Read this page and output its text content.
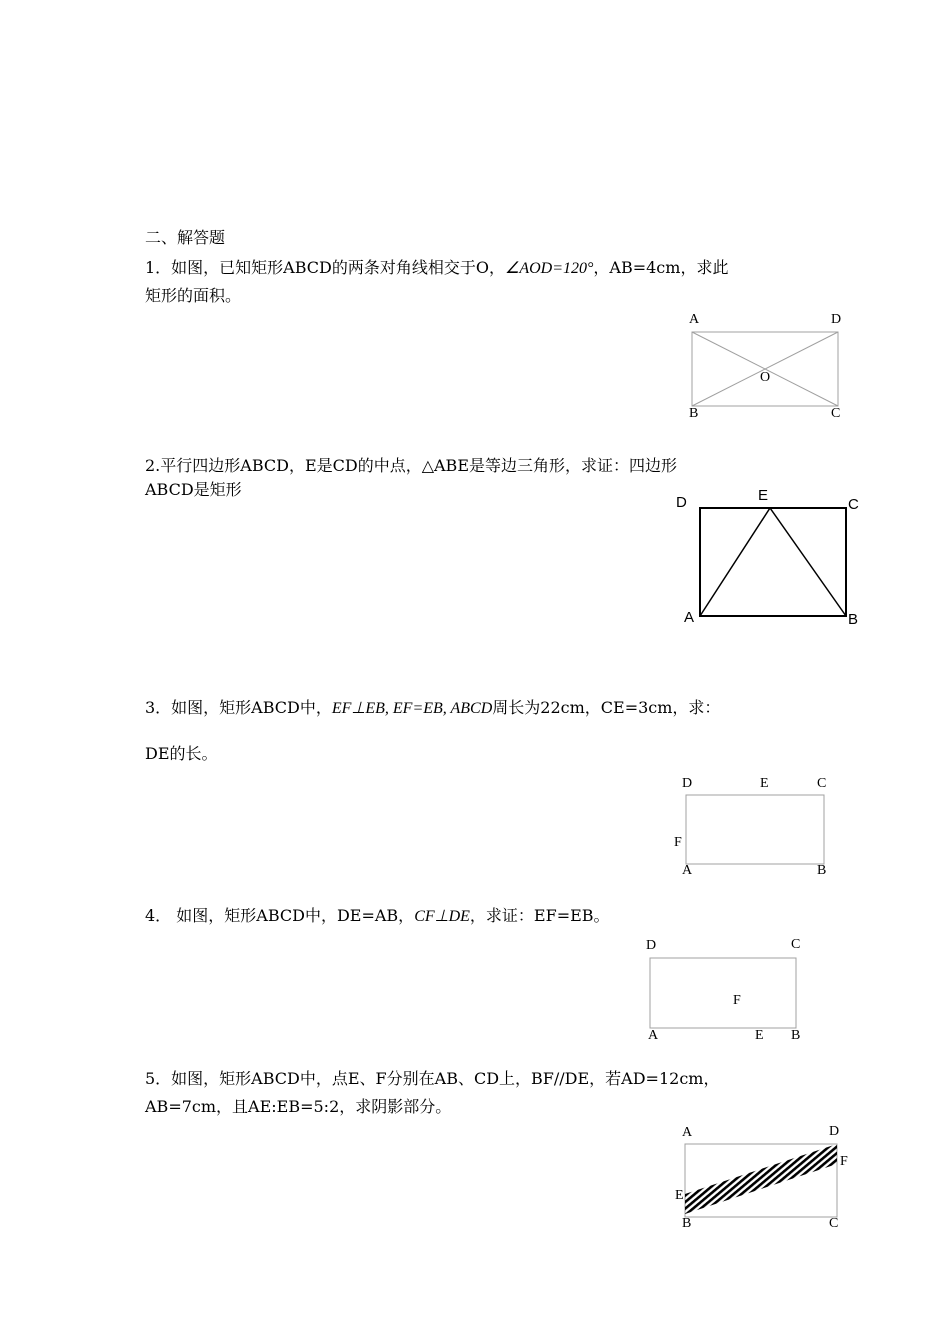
二、解答题
1．如图，已知矩形ABCD的两条对角线相交于O，∠AOD=120°，AB=4cm，求此
矩形的面积。
A	D
O
B	C
2.平行四边形ABCD，E是CD的中点，△ABE是等边三角形，求证：四边形
ABCD是矩形
D	E
C
A	B
3．如图，矩形ABCD中，EF⊥EB, EF=EB, ABCD周长为22cm，CE=3cm，求：
DE的长。
D	E	C
F
A	B
4． 如图，矩形ABCD中，DE=AB，CF⊥DE，求证：EF=EB。
D	C
F
A	E B
5．如图，矩形ABCD中，点E、F分别在AB、CD上，BF//DE，若AD=12cm，
AB=7cm，且AE:EB=5:2，求阴影部分。
A	D
F
E
B	C
